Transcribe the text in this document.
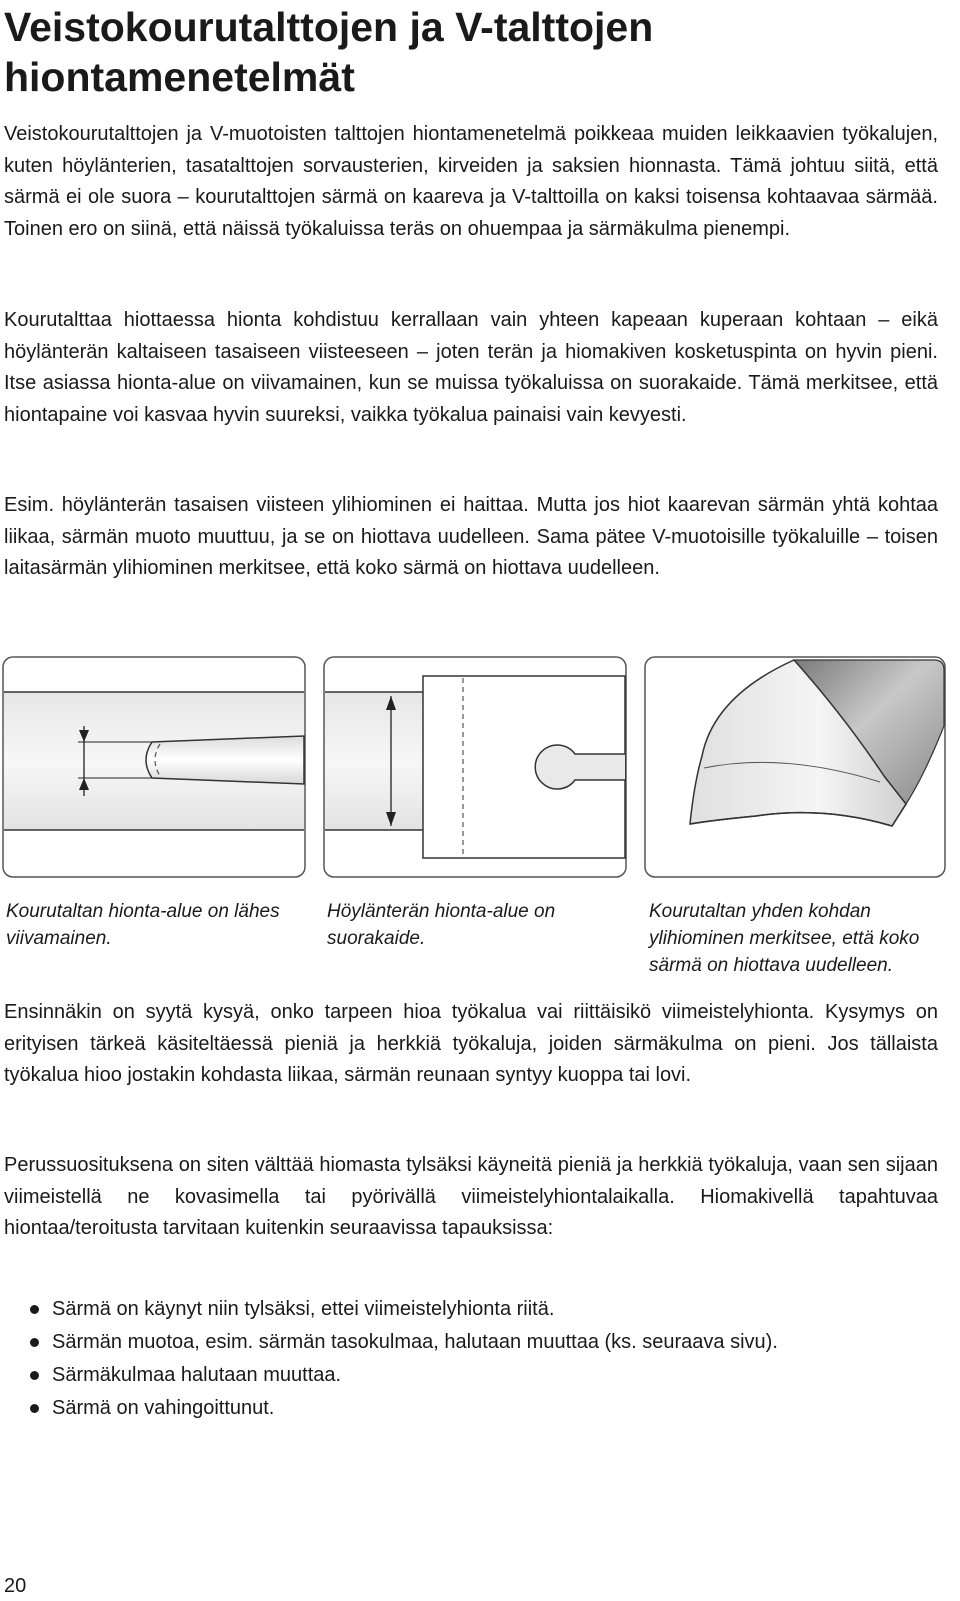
Veistokourutalttojen ja V-talttojen hiontamenetelmät

Veistokourutalttojen ja V-muotoisten talttojen hiontamenetelmä poikkeaa muiden leikkaavien työkalujen, kuten höylänterien, tasatalttojen sorvausterien, kirveiden ja saksien hionnasta. Tämä johtuu siitä, että särmä ei ole suora – kourutalttojen särmä on kaareva ja V-talttoilla on kaksi toisensa kohtaavaa särmää. Toinen ero on siinä, että näissä työkaluissa teräs on ohuempaa ja särmäkulma pienempi.

Kourutalttaa hiottaessa hionta kohdistuu kerrallaan vain yhteen kapeaan kuperaan kohtaan – eikä höylänterän kaltaiseen tasaiseen viisteeseen – joten terän ja hiomakiven kosketuspinta on hyvin pieni. Itse asiassa hionta-alue on viivamainen, kun se muissa työkaluissa on suorakaide. Tämä merkitsee, että hiontapaine voi kasvaa hyvin suureksi, vaikka työkalua painaisi vain kevyesti.

Esim. höylänterän tasaisen viisteen ylihiominen ei haittaa. Mutta jos hiot kaarevan särmän yhtä kohtaa liikaa, särmän muoto muuttuu, ja se on hiottava uudelleen. Sama pätee V-muotoisille työkaluille – toisen laitasärmän ylihiominen merkitsee, että koko särmä on hiottava uudelleen.

Kourutaltan hionta-alue on lähes viivamainen.

Höylänterän hionta-alue on suorakaide.

Kourutaltan yhden kohdan ylihiominen merkitsee, että koko särmä on hiottava uudelleen.

Ensinnäkin on syytä kysyä, onko tarpeen hioa työkalua vai riittäisikö viimeistelyhionta. Kysymys on erityisen tärkeä käsiteltäessä pieniä ja herkkiä työkaluja, joiden särmäkulma on pieni. Jos tällaista työkalua hioo jostakin kohdasta liikaa, särmän reunaan syntyy kuoppa tai lovi.

Perussuosituksena on siten välttää hiomasta tylsäksi käyneitä pieniä ja herkkiä työkaluja, vaan sen sijaan viimeistellä ne kovasimella tai pyörivällä viimeistelyhiontalaikalla. Hiomakivellä tapahtuvaa hiontaa/teroitusta tarvitaan kuitenkin seuraavissa tapauksissa:

Särmä on käynyt niin tylsäksi, ettei viimeistelyhionta riitä.
Särmän muotoa, esim. särmän tasokulmaa, halutaan muuttaa (ks. seuraava sivu).
Särmäkulmaa halutaan muuttaa.
Särmä on vahingoittunut.

20
